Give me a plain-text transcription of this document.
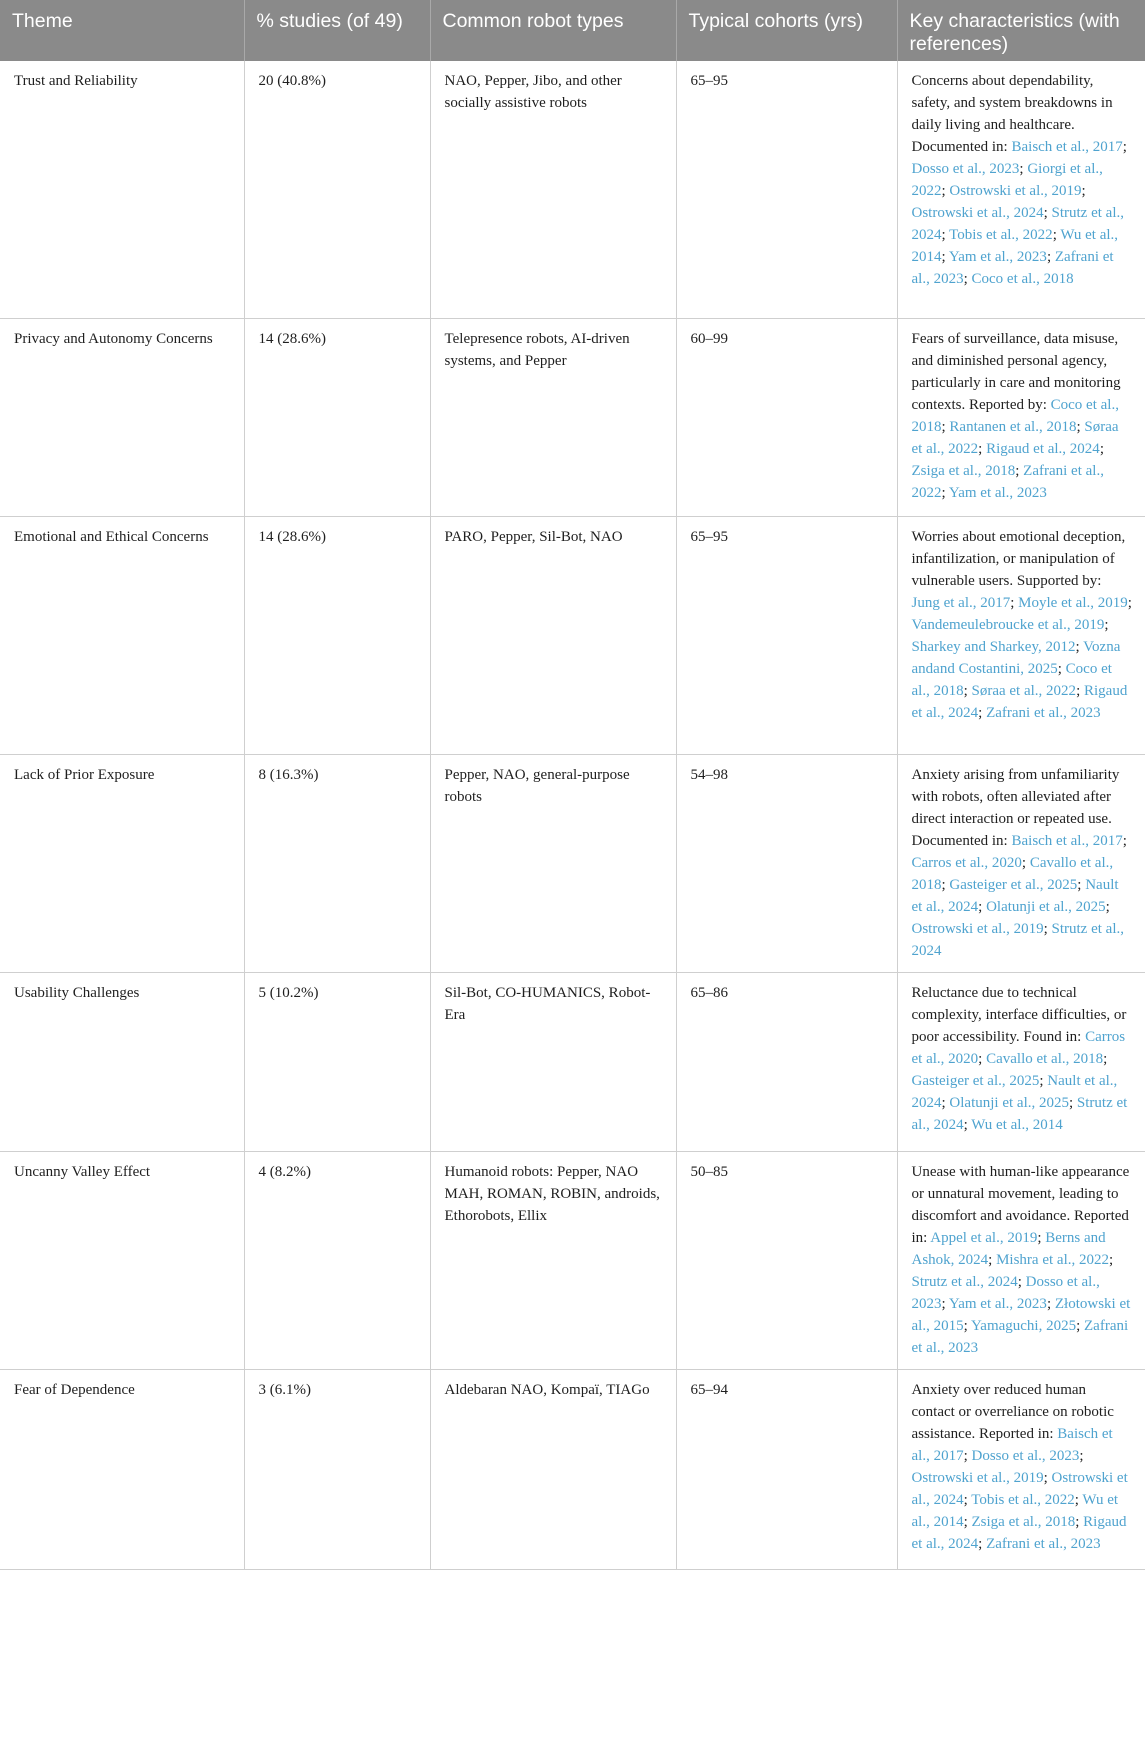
Theme	% studies (of 49)	Common robot types	Typical cohorts (yrs)	Key characteristics (with references)
Trust and Reliability	20 (40.8%)	NAO, Pepper, Jibo, and other socially assistive robots	65–95	Concerns about dependability, safety, and system breakdowns in daily living and healthcare. Documented in: Baisch et al., 2017; Dosso et al., 2023; Giorgi et al., 2022; Ostrowski et al., 2019; Ostrowski et al., 2024; Strutz et al., 2024; Tobis et al., 2022; Wu et al., 2014; Yam et al., 2023; Zafrani et al., 2023; Coco et al., 2018
Privacy and Autonomy Concerns	14 (28.6%)	Telepresence robots, AI-driven systems, and Pepper	60–99	Fears of surveillance, data misuse, and diminished personal agency, particularly in care and monitoring contexts. Reported by: Coco et al., 2018; Rantanen et al., 2018; Søraa et al., 2022; Rigaud et al., 2024; Zsiga et al., 2018; Zafrani et al., 2022; Yam et al., 2023
Emotional and Ethical Concerns	14 (28.6%)	PARO, Pepper, Sil-Bot, NAO	65–95	Worries about emotional deception, infantilization, or manipulation of vulnerable users. Supported by: Jung et al., 2017; Moyle et al., 2019; Vandemeulebroucke et al., 2019; Sharkey and Sharkey, 2012; Vozna andand Costantini, 2025; Coco et al., 2018; Søraa et al., 2022; Rigaud et al., 2024; Zafrani et al., 2023
Lack of Prior Exposure	8 (16.3%)	Pepper, NAO, general-purpose robots	54–98	Anxiety arising from unfamiliarity with robots, often alleviated after direct interaction or repeated use. Documented in: Baisch et al., 2017; Carros et al., 2020; Cavallo et al., 2018; Gasteiger et al., 2025; Nault et al., 2024; Olatunji et al., 2025; Ostrowski et al., 2019; Strutz et al., 2024
Usability Challenges	5 (10.2%)	Sil-Bot, CO-HUMANICS, Robot-Era	65–86	Reluctance due to technical complexity, interface difficulties, or poor accessibility. Found in: Carros et al., 2020; Cavallo et al., 2018; Gasteiger et al., 2025; Nault et al., 2024; Olatunji et al., 2025; Strutz et al., 2024; Wu et al., 2014
Uncanny Valley Effect	4 (8.2%)	Humanoid robots: Pepper, NAO MAH, ROMAN, ROBIN, androids, Ethorobots, Ellix	50–85	Unease with human-like appearance or unnatural movement, leading to discomfort and avoidance. Reported in: Appel et al., 2019; Berns and Ashok, 2024; Mishra et al., 2022; Strutz et al., 2024; Dosso et al., 2023; Yam et al., 2023; Złotowski et al., 2015; Yamaguchi, 2025; Zafrani et al., 2023
Fear of Dependence	3 (6.1%)	Aldebaran NAO, Kompaï, TIAGo	65–94	Anxiety over reduced human contact or overreliance on robotic assistance. Reported in: Baisch et al., 2017; Dosso et al., 2023; Ostrowski et al., 2019; Ostrowski et al., 2024; Tobis et al., 2022; Wu et al., 2014; Zsiga et al., 2018; Rigaud et al., 2024; Zafrani et al., 2023
